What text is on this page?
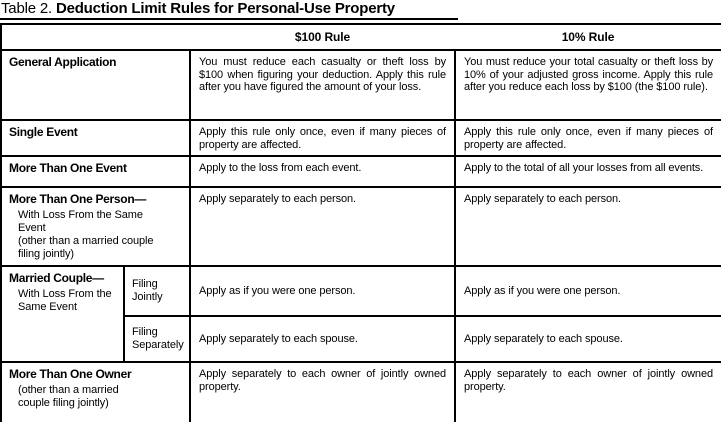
Table 2. Deduction Limit Rules for Personal-Use Property
		$100 Rule	10% Rule
General Application		You must reduce each casualty or theft loss by $100 when figuring your deduction. Apply this rule after you have figured the amount of your loss.	You must reduce your total casualty or theft loss by 10% of your adjusted gross income. Apply this rule after you reduce each loss by $100 (the $100 rule).
Single Event		Apply this rule only once, even if many pieces of property are affected.	Apply this rule only once, even if many pieces of property are affected.
More Than One Event		Apply to the loss from each event.	Apply to the total of all your losses from all events.
More Than One Person—
With Loss From the Same Event
(other than a married couple filing jointly)		Apply separately to each person.	Apply separately to each person.
Married Couple—
With Loss From the Same Event	Filing Jointly	Apply as if you were one person.	Apply as if you were one person.
	Filing Separately	Apply separately to each spouse.	Apply separately to each spouse.
More Than One Owner
(other than a married couple filing jointly)		Apply separately to each owner of jointly owned property.	Apply separately to each owner of jointly owned property.
